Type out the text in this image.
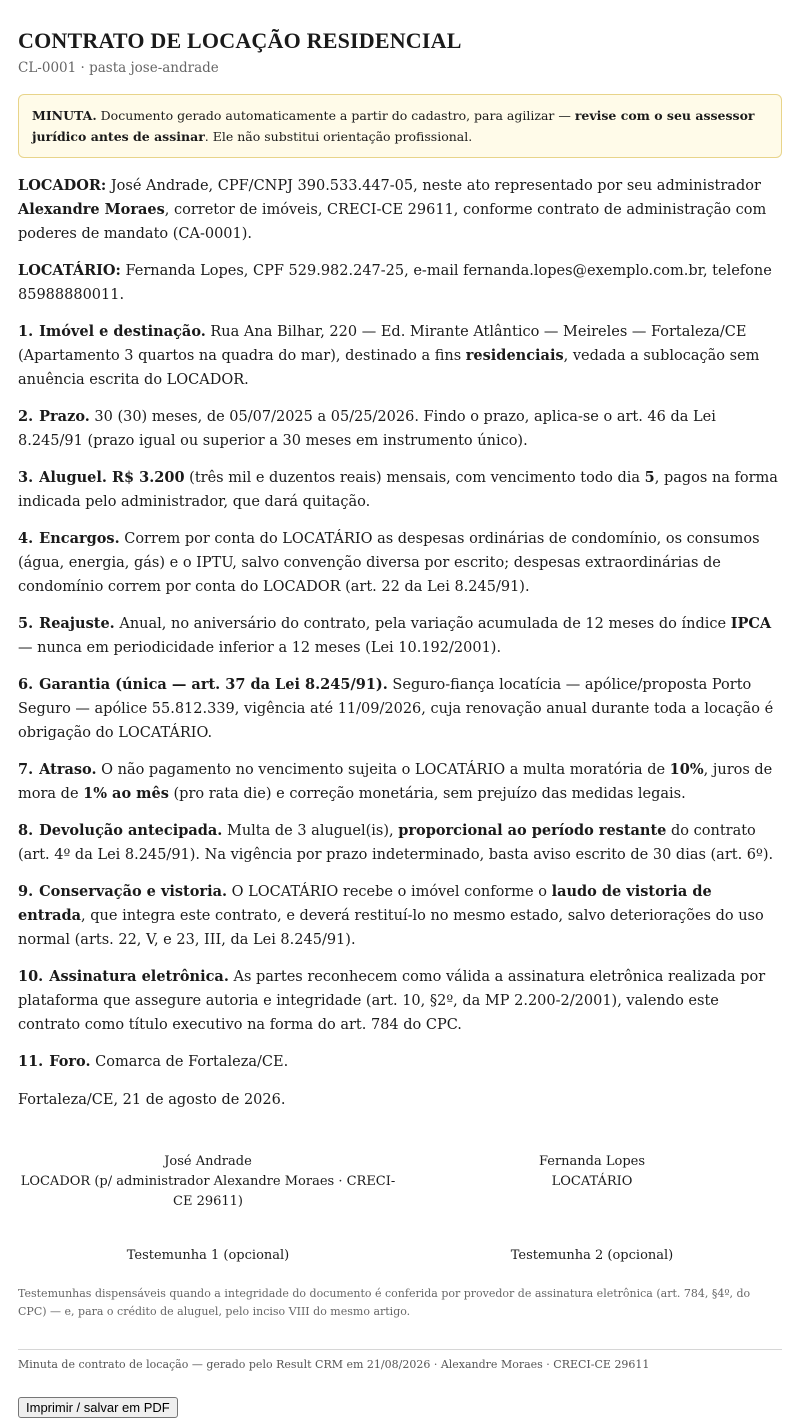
CONTRATO DE LOCAÇÃO RESIDENCIAL
CL-0001 · pasta jose-andrade
MINUTA. Documento gerado automaticamente a partir do cadastro, para agilizar — revise com o seu assessor jurídico antes de assinar. Ele não substitui orientação profissional.

LOCADOR: José Andrade, CPF/CNPJ 390.533.447-05, neste ato representado por seu administrador Alexandre Moraes, corretor de imóveis, CRECI-CE 29611, conforme contrato de administração com poderes de mandato (CA-0001).

LOCATÁRIO: Fernanda Lopes, CPF 529.982.247-25, e-mail fernanda.lopes@exemplo.com.br, telefone 85988880011.

1. Imóvel e destinação. Rua Ana Bilhar, 220 — Ed. Mirante Atlântico — Meireles — Fortaleza/CE (Apartamento 3 quartos na quadra do mar), destinado a fins residenciais, vedada a sublocação sem anuência escrita do LOCADOR.

2. Prazo. 30 (30) meses, de 05/07/2025 a 05/25/2026. Findo o prazo, aplica-se o art. 46 da Lei 8.245/91 (prazo igual ou superior a 30 meses em instrumento único).

3. Aluguel. R$ 3.200 (três mil e duzentos reais) mensais, com vencimento todo dia 5, pagos na forma indicada pelo administrador, que dará quitação.

4. Encargos. Correm por conta do LOCATÁRIO as despesas ordinárias de condomínio, os consumos (água, energia, gás) e o IPTU, salvo convenção diversa por escrito; despesas extraordinárias de condomínio correm por conta do LOCADOR (art. 22 da Lei 8.245/91).

5. Reajuste. Anual, no aniversário do contrato, pela variação acumulada de 12 meses do índice IPCA — nunca em periodicidade inferior a 12 meses (Lei 10.192/2001).

6. Garantia (única — art. 37 da Lei 8.245/91). Seguro-fiança locatícia — apólice/proposta Porto Seguro — apólice 55.812.339, vigência até 11/09/2026, cuja renovação anual durante toda a locação é obrigação do LOCATÁRIO.

7. Atraso. O não pagamento no vencimento sujeita o LOCATÁRIO a multa moratória de 10%, juros de mora de 1% ao mês (pro rata die) e correção monetária, sem prejuízo das medidas legais.

8. Devolução antecipada. Multa de 3 aluguel(is), proporcional ao período restante do contrato (art. 4º da Lei 8.245/91). Na vigência por prazo indeterminado, basta aviso escrito de 30 dias (art. 6º).

9. Conservação e vistoria. O LOCATÁRIO recebe o imóvel conforme o laudo de vistoria de entrada, que integra este contrato, e deverá restituí-lo no mesmo estado, salvo deteriorações do uso normal (arts. 22, V, e 23, III, da Lei 8.245/91).

10. Assinatura eletrônica. As partes reconhecem como válida a assinatura eletrônica realizada por plataforma que assegure autoria e integridade (art. 10, §2º, da MP 2.200-2/2001), valendo este contrato como título executivo na forma do art. 784 do CPC.

11. Foro. Comarca de Fortaleza/CE.

Fortaleza/CE, 21 de agosto de 2026.
José Andrade
LOCADOR (p/ administrador Alexandre Moraes · CRECI-CE 29611)
Fernanda Lopes
LOCATÁRIO
Testemunha 1 (opcional)	Testemunha 2 (opcional)
Testemunhas dispensáveis quando a integridade do documento é conferida por provedor de assinatura eletrônica (art. 784, §4º, do CPC) — e, para o crédito de aluguel, pelo inciso VIII do mesmo artigo.
Minuta de contrato de locação — gerado pelo Result CRM em 21/08/2026 · Alexandre Moraes · CRECI-CE 29611
Imprimir / salvar em PDF
